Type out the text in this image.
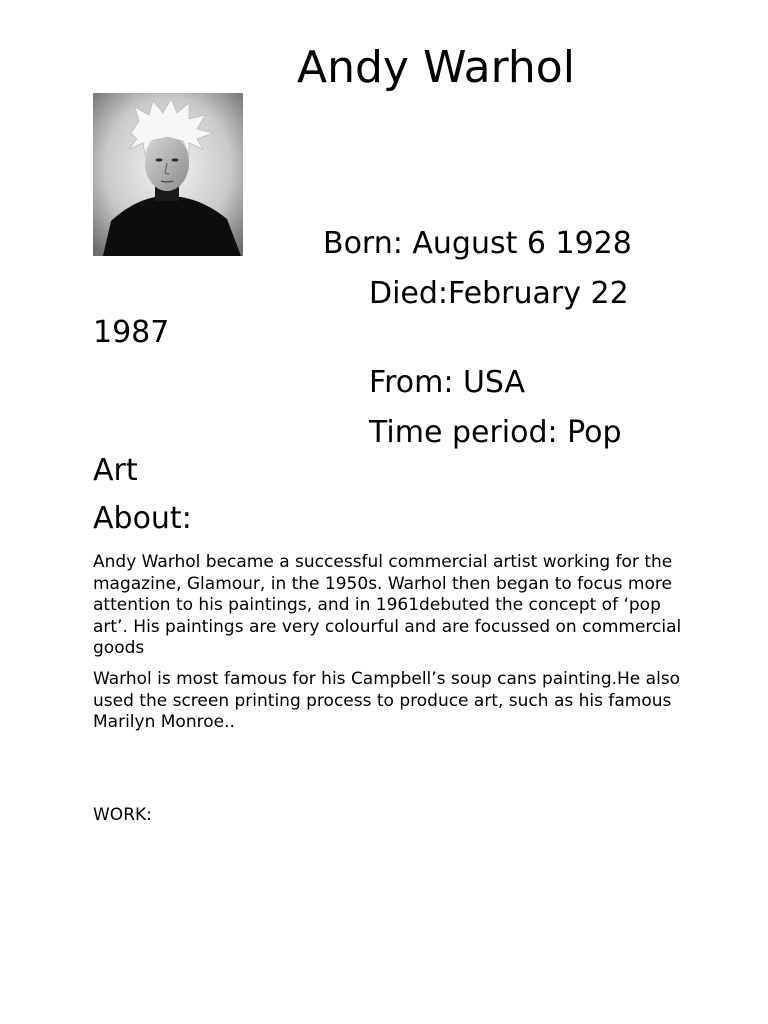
Andy Warhol

Born: August 6 1928

Died:February 22

1987

From: USA

Time period: Pop

Art

About:

Andy Warhol became a successful commercial artist working for the magazine, Glamour, in the 1950s. Warhol then began to focus more attention to his paintings, and in 1961debuted the concept of ‘pop art’. His paintings are very colourful and are focussed on commercial goods

Warhol is most famous for his Campbell’s soup cans painting.He also used the screen printing process to produce art, such as his famous Marilyn Monroe..

WORK:
